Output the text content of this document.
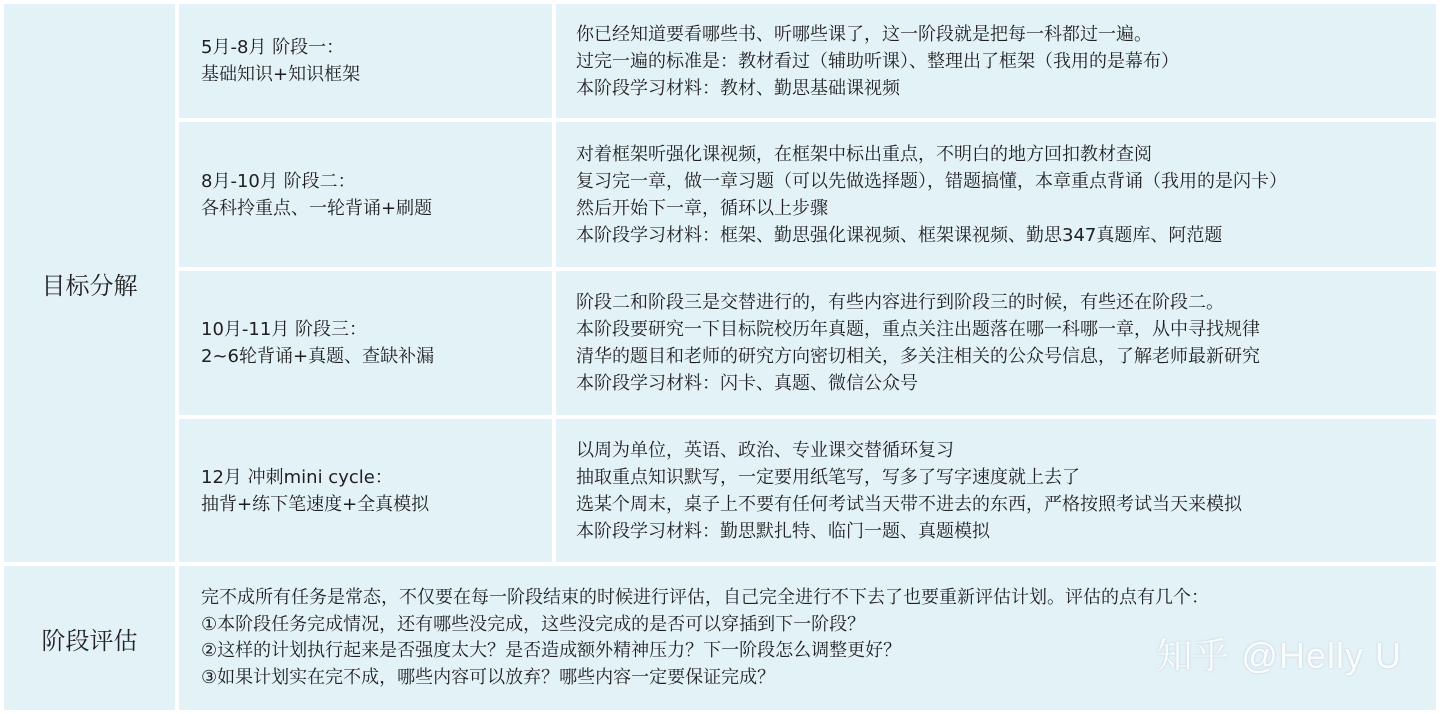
目标分解
阶段评估
5月-8月 阶段一：
基础知识+知识框架
你已经知道要看哪些书、听哪些课了，这一阶段就是把每一科都过一遍。
过完一遍的标准是：教材看过（辅助听课）、整理出了框架（我用的是幕布）
本阶段学习材料：教材、勤思基础课视频
8月-10月 阶段二：
各科拎重点、一轮背诵+刷题
对着框架听强化课视频，在框架中标出重点，不明白的地方回扣教材查阅
复习完一章，做一章习题（可以先做选择题），错题搞懂，本章重点背诵（我用的是闪卡）
然后开始下一章，循环以上步骤
本阶段学习材料：框架、勤思强化课视频、框架课视频、勤思347真题库、阿范题
10月-11月 阶段三：
2~6轮背诵+真题、查缺补漏
阶段二和阶段三是交替进行的，有些内容进行到阶段三的时候，有些还在阶段二。
本阶段要研究一下目标院校历年真题，重点关注出题落在哪一科哪一章，从中寻找规律
清华的题目和老师的研究方向密切相关，多关注相关的公众号信息，了解老师最新研究
本阶段学习材料：闪卡、真题、微信公众号
12月 冲刺mini cycle：
抽背+练下笔速度+全真模拟
以周为单位，英语、政治、专业课交替循环复习
抽取重点知识默写，一定要用纸笔写，写多了写字速度就上去了
选某个周末，桌子上不要有任何考试当天带不进去的东西，严格按照考试当天来模拟
本阶段学习材料：勤思默扎特、临门一题、真题模拟
完不成所有任务是常态，不仅要在每一阶段结束的时候进行评估，自己完全进行不下去了也要重新评估计划。评估的点有几个：
①本阶段任务完成情况，还有哪些没完成，这些没完成的是否可以穿插到下一阶段？
②这样的计划执行起来是否强度太大？是否造成额外精神压力？下一阶段怎么调整更好？
③如果计划实在完不成，哪些内容可以放弃？哪些内容一定要保证完成？
知乎 @Helly U
